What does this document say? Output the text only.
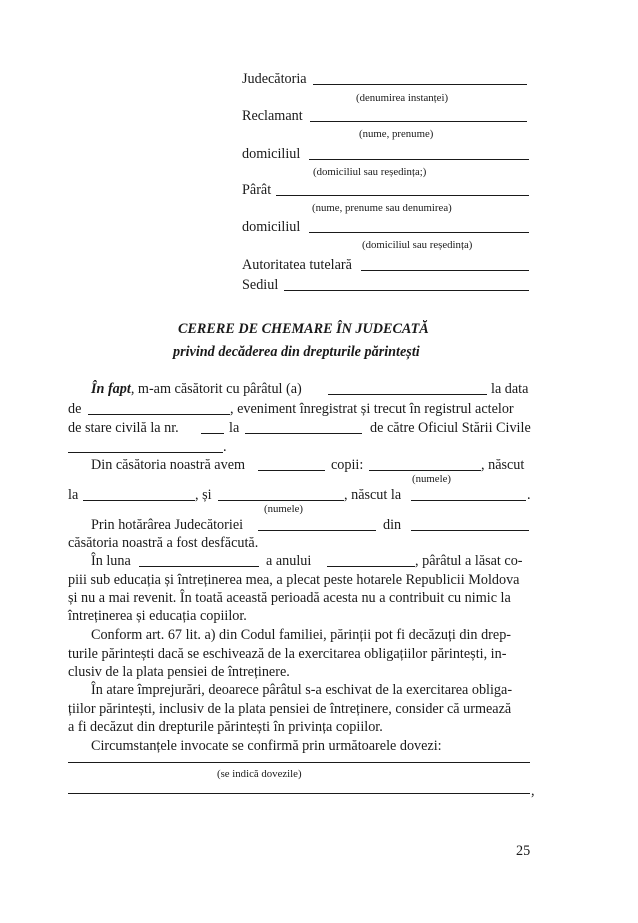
Judecătoria
(denumirea instanței)
Reclamant
(nume, prenume)
domiciliul
(domiciliul sau reședința;)
Pârât
(nume, prenume sau denumirea)
domiciliul
(domiciliul sau reședința)
Autoritatea tutelară
Sediul
CERERE DE CHEMARE ÎN JUDECATĂ
privind decăderea din drepturile părintești
În fapt, m-am căsătorit cu pârâtul (a)	la data
de	, eveniment înregistrat și trecut în registrul actelor
de stare civilă la nr.	la	de către Oficiul Stării Civile
.
Din căsătoria noastră avem	copii:	, născut
(numele)
la	, și	, născut la	.
(numele)
Prin hotărârea Judecătoriei	din
căsătoria noastră a fost desfăcută.
În luna	a anului	, pârâtul a lăsat co-
piii sub educația și întreținerea mea, a plecat peste hotarele Republicii Moldova
și nu a mai revenit. În toată această perioadă acesta nu a contribuit cu nimic la
întreținerea și educația copiilor.
Conform art. 67 lit. a) din Codul familiei, părinții pot fi decăzuți din drep-
turile părintești dacă se eschivează de la exercitarea obligațiilor părintești, in-
clusiv de la plata pensiei de întreținere.
În atare împrejurări, deoarece pârâtul s-a eschivat de la exercitarea obliga-
țiilor părintești, inclusiv de la plata pensiei de întreținere, consider că urmează
a fi decăzut din drepturile părintești în privința copiilor.
Circumstanțele invocate se confirmă prin următoarele dovezi:
(se indică dovezile)
,
25
